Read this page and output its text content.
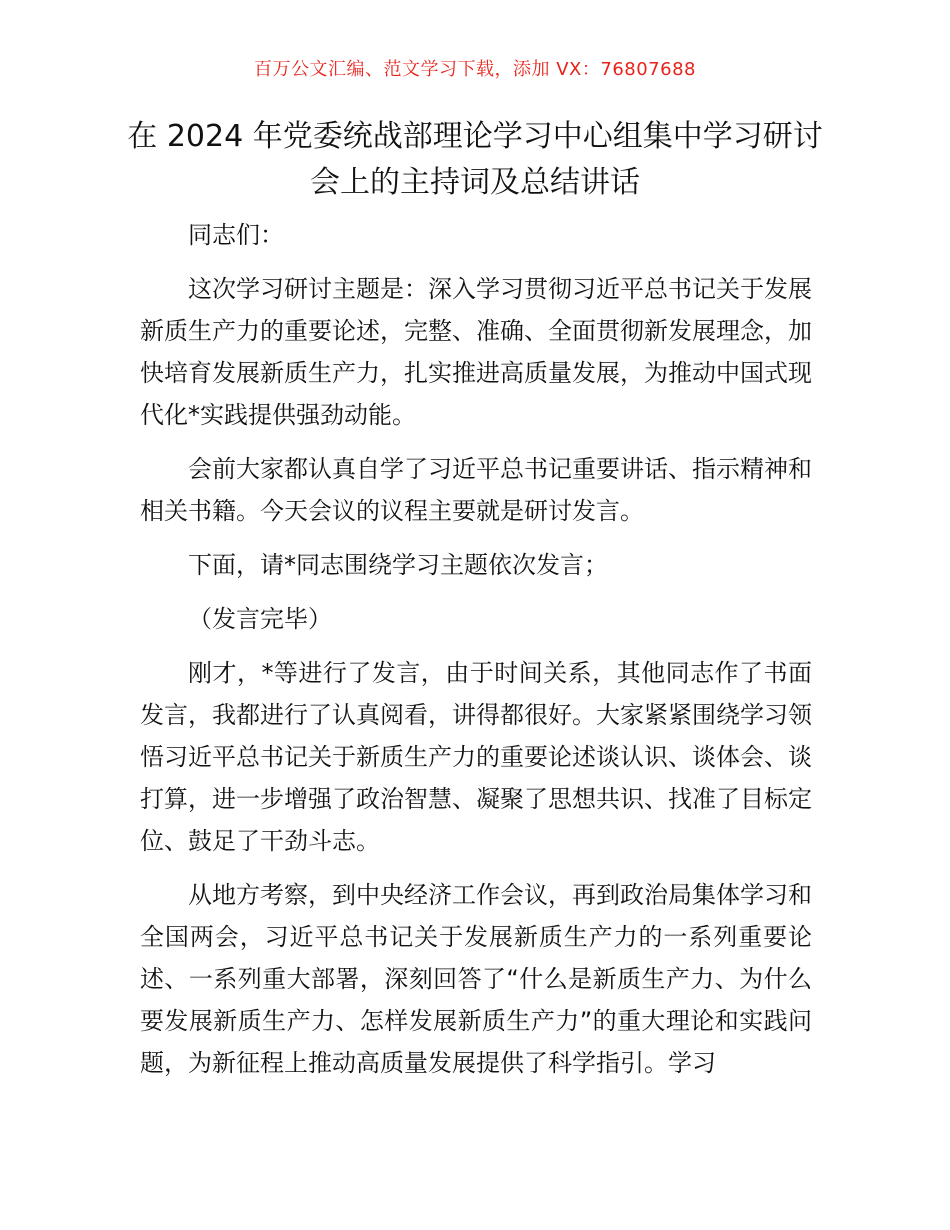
百万公文汇编、范文学习下载，添加 VX：76807688
在 2024 年党委统战部理论学习中心组集中学习研讨会上的主持词及总结讲话

同志们：

这次学习研讨主题是：深入学习贯彻习近平总书记关于发展新质生产力的重要论述，完整、准确、全面贯彻新发展理念，加快培育发展新质生产力，扎实推进高质量发展，为推动中国式现代化*实践提供强劲动能。

会前大家都认真自学了习近平总书记重要讲话、指示精神和相关书籍。今天会议的议程主要就是研讨发言。

下面，请*同志围绕学习主题依次发言；

（发言完毕）

刚才，*等进行了发言，由于时间关系，其他同志作了书面发言，我都进行了认真阅看，讲得都很好。大家紧紧围绕学习领悟习近平总书记关于新质生产力的重要论述谈认识、谈体会、谈打算，进一步增强了政治智慧、凝聚了思想共识、找准了目标定位、鼓足了干劲斗志。

从地方考察，到中央经济工作会议，再到政治局集体学习和全国两会，习近平总书记关于发展新质生产力的一系列重要论述、一系列重大部署，深刻回答了“什么是新质生产力、为什么要发展新质生产力、怎样发展新质生产力”的重大理论和实践问题，为新征程上推动高质量发展提供了科学指引。学习
